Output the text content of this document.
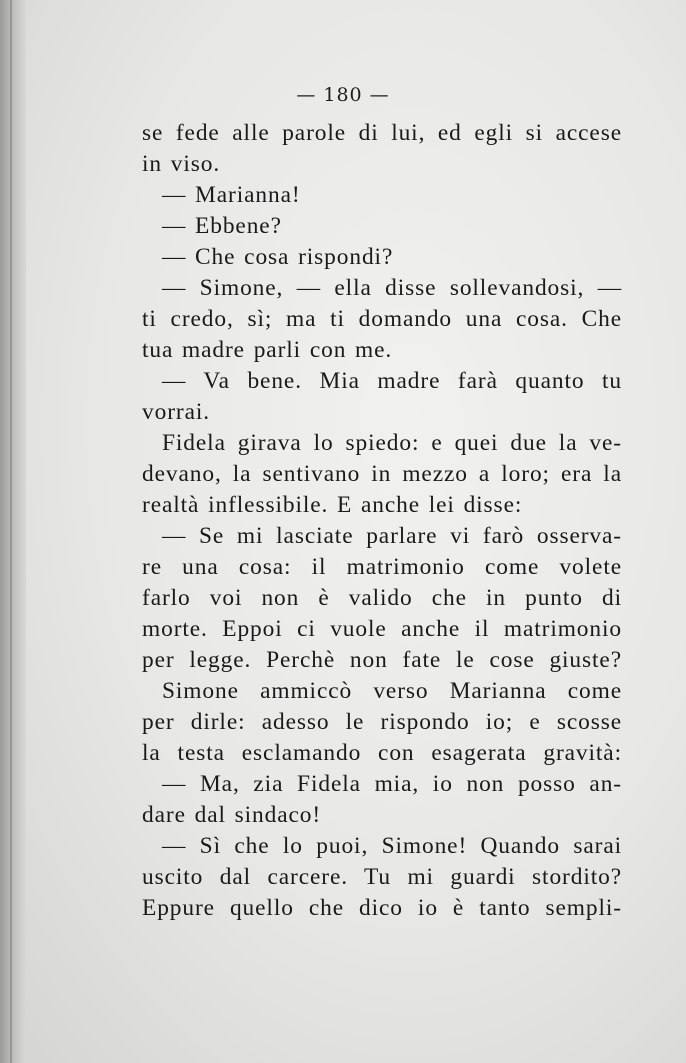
— 180 —
se fede alle parole di lui, ed egli si accese
in viso.
— Marianna!
— Ebbene?
— Che cosa rispondi?
— Simone, — ella disse sollevandosi, —
ti credo, sì; ma ti domando una cosa. Che
tua madre parli con me.
— Va bene. Mia madre farà quanto tu
vorrai.
Fidela girava lo spiedo: e quei due la ve-
devano, la sentivano in mezzo a loro; era la
realtà inflessibile. E anche lei disse:
— Se mi lasciate parlare vi farò osserva-
re una cosa: il matrimonio come volete
farlo voi non è valido che in punto di
morte. Eppoi ci vuole anche il matrimonio
per legge. Perchè non fate le cose giuste?
Simone ammiccò verso Marianna come
per dirle: adesso le rispondo io; e scosse
la testa esclamando con esagerata gravità:
— Ma, zia Fidela mia, io non posso an-
dare dal sindaco!
— Sì che lo puoi, Simone! Quando sarai
uscito dal carcere. Tu mi guardi stordito?
Eppure quello che dico io è tanto sempli-
